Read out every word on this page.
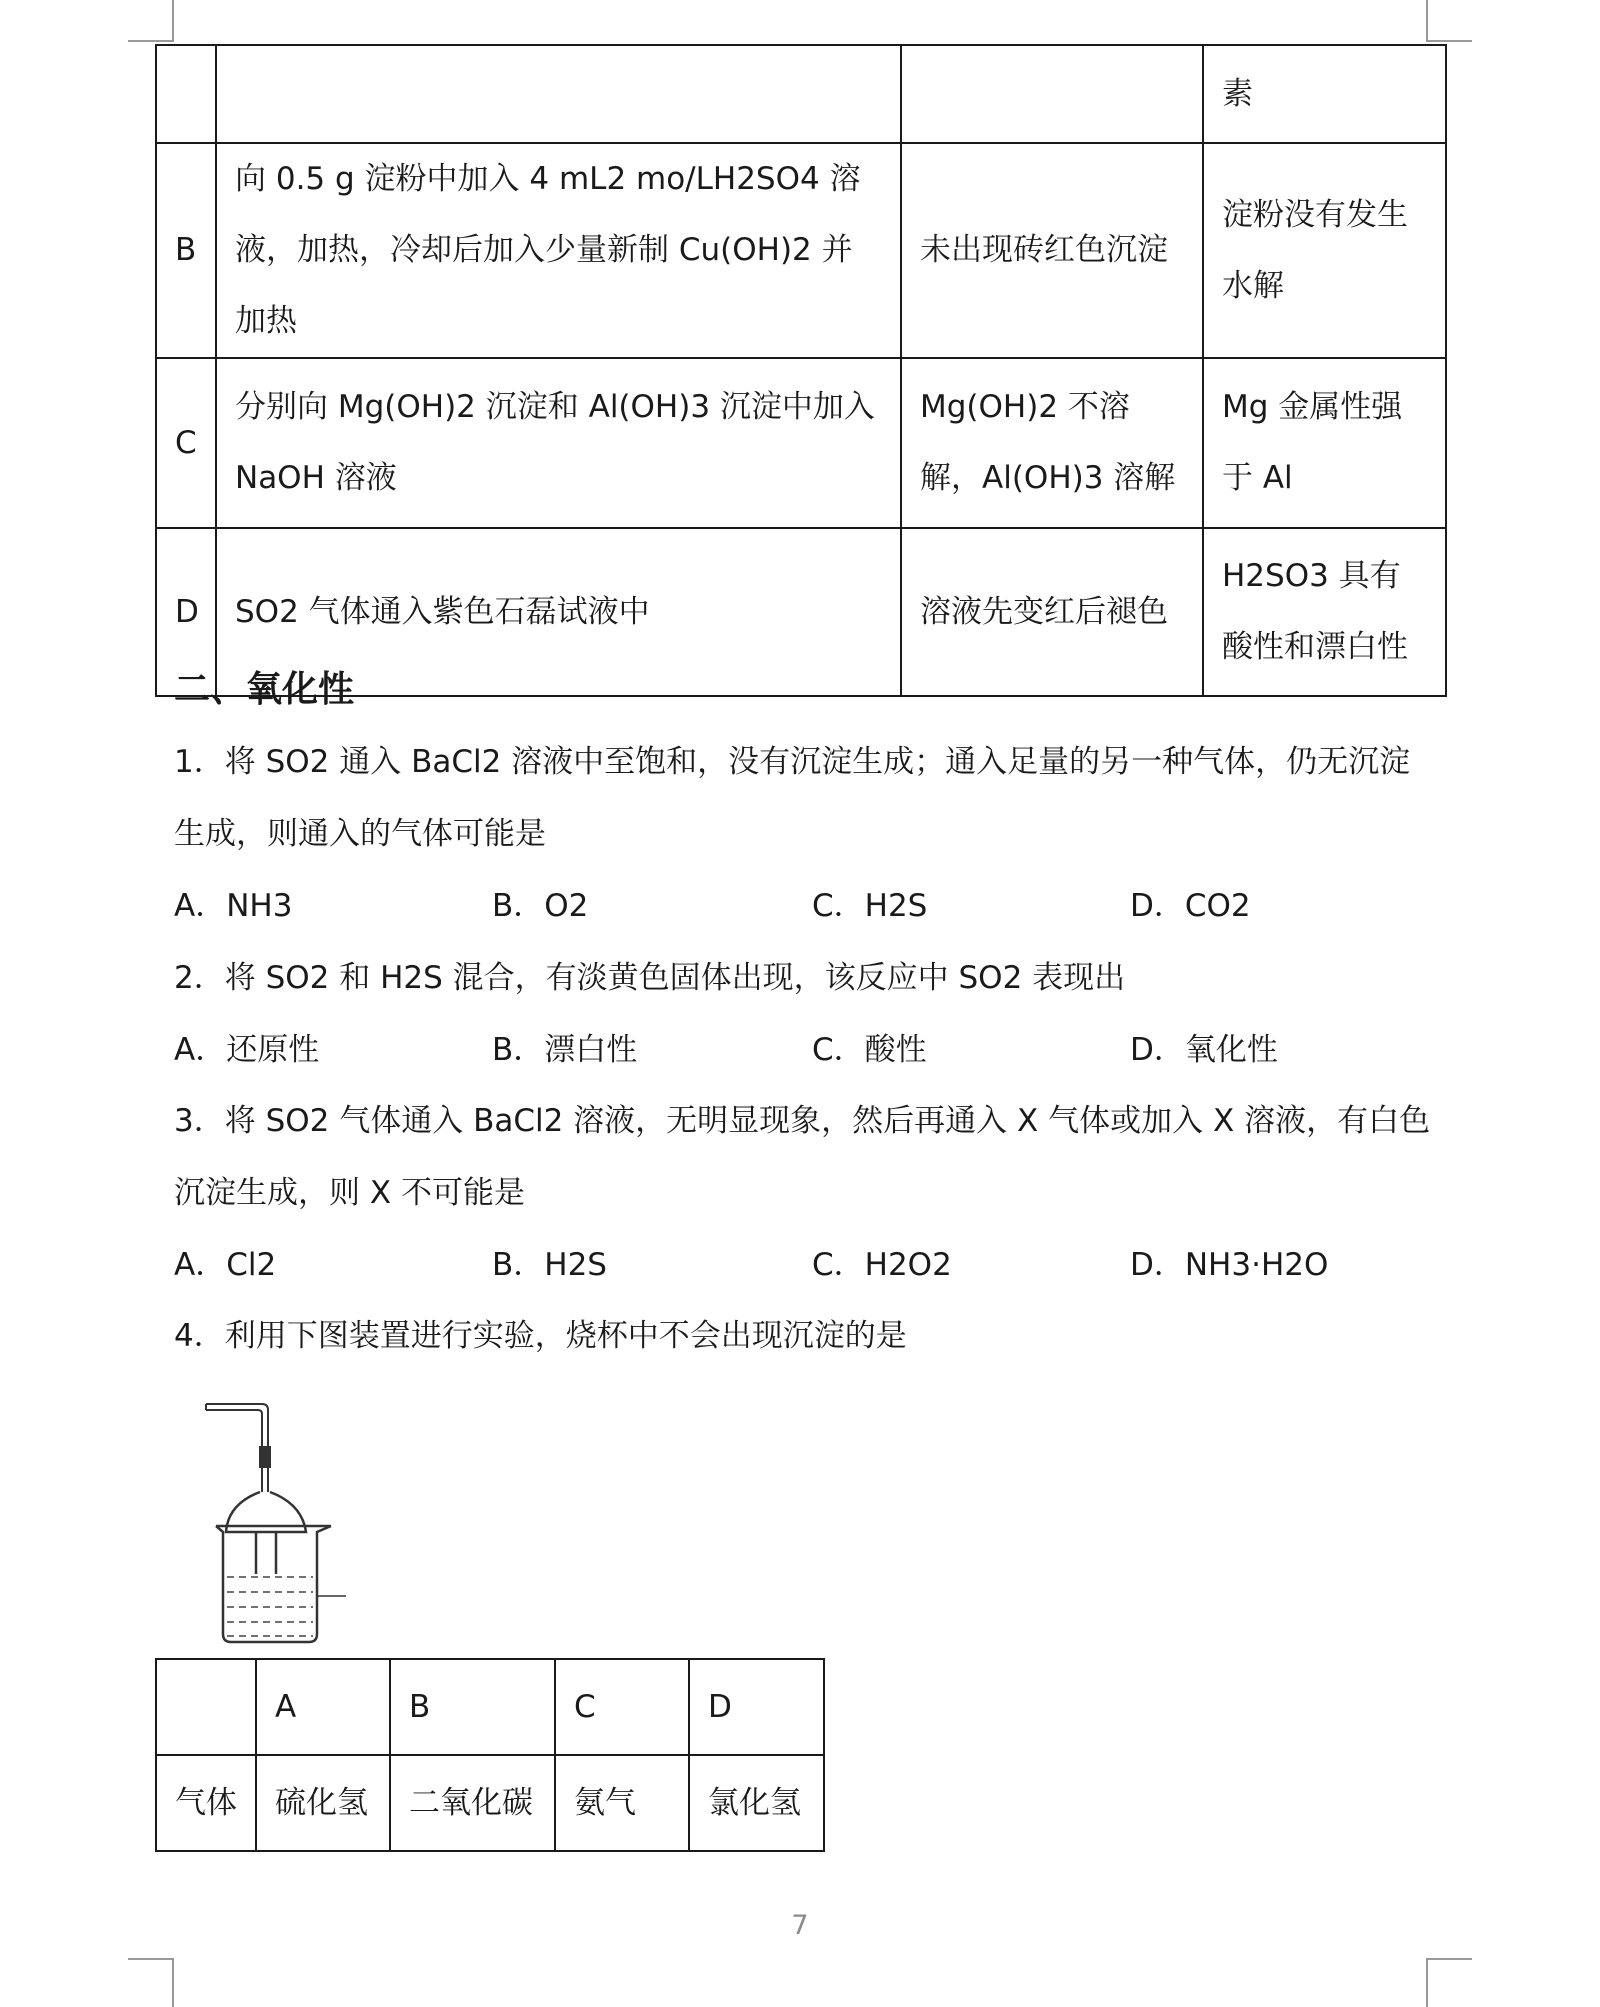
			素
B	向 0.5 g 淀粉中加入 4 mL2 mo/LH2SO4 溶液，加热，冷却后加入少量新制 Cu(OH)2 并加热	未出现砖红色沉淀	淀粉没有发生水解
C	分别向 Mg(OH)2 沉淀和 Al(OH)3 沉淀中加入NaOH 溶液	Mg(OH)2 不溶解，Al(OH)3 溶解	Mg 金属性强于 Al
D	SO2 气体通入紫色石磊试液中	溶液先变红后褪色	H2SO3 具有酸性和漂白性
二、氧化性
1．将 SO2 通入 BaCl2 溶液中至饱和，没有沉淀生成；通入足量的另一种气体，仍无沉淀生成，则通入的气体可能是
A．NH3	B．O2	C．H2S	D．CO2
2．将 SO2 和 H2S 混合，有淡黄色固体出现，该反应中 SO2 表现出
A．还原性	B．漂白性	C．酸性	D．氧化性
3．将 SO2 气体通入 BaCl2 溶液，无明显现象，然后再通入 X 气体或加入 X 溶液，有白色沉淀生成，则 X 不可能是
A．Cl2	B．H2S	C．H2O2	D．NH3·H2O
4．利用下图装置进行实验，烧杯中不会出现沉淀的是
	A	B	C	D
气体	硫化氢	二氧化碳	氨气	氯化氢
7
